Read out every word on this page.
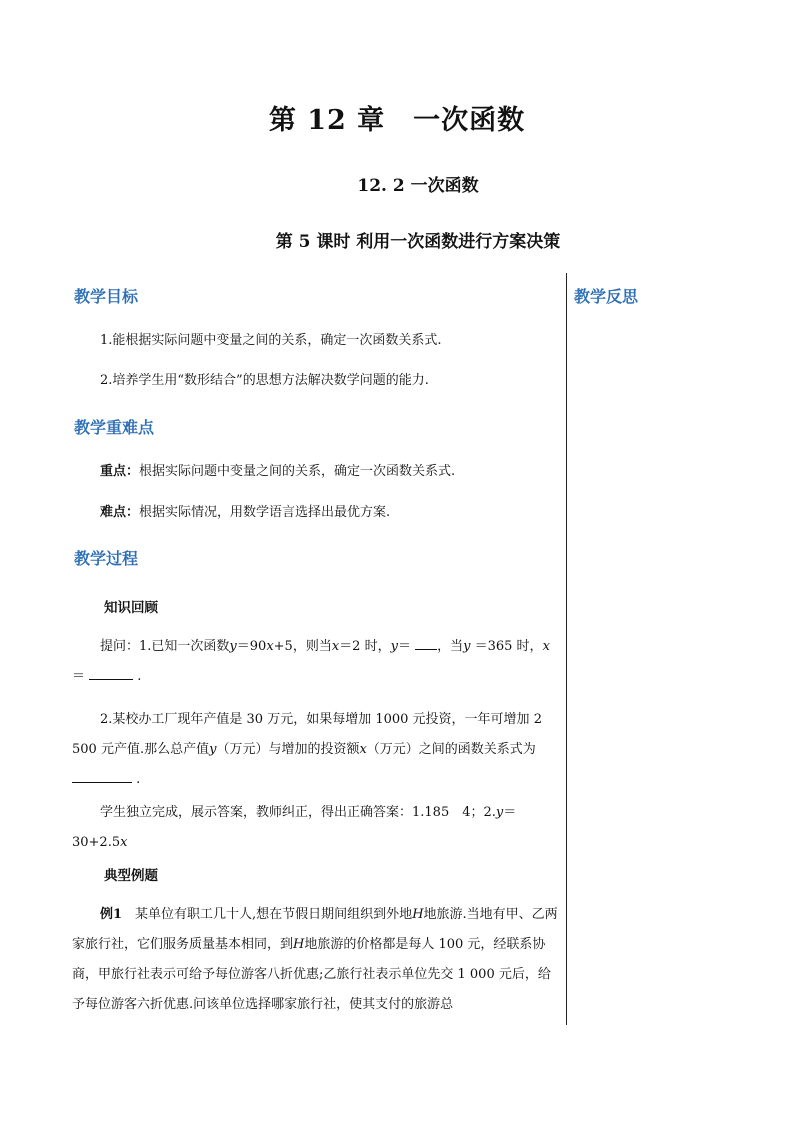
第 12 章　一次函数
12. 2 一次函数
第 5 课时 利用一次函数进行方案决策
教学反思
教学目标
1.能根据实际问题中变量之间的关系，确定一次函数关系式.
2.培养学生用“数形结合”的思想方法解决数学问题的能力.
教学重难点
重点：根据实际问题中变量之间的关系，确定一次函数关系式.
难点：根据实际情况，用数学语言选择出最优方案.
教学过程
知识回顾
提问：1.已知一次函数y＝90x+5，则当x＝2 时，y＝ ，当y ＝365 时，x＝	.
2.某校办工厂现年产值是 30 万元，如果每增加 1000 元投资，一年可增加 2 500 元产值.那么总产值y（万元）与增加的投资额x（万元）之间的函数关系式为 .
学生独立完成，展示答案，教师纠正，得出正确答案：1.185　4；2.y＝30+2.5x
典型例题
例1　某单位有职工几十人,想在节假日期间组织到外地H地旅游.当地有甲、乙两家旅行社，它们服务质量基本相同，到H地旅游的价格都是每人 100 元，经联系协商，甲旅行社表示可给予每位游客八折优惠;乙旅行社表示单位先交 1 000 元后，给予每位游客六折优惠.问该单位选择哪家旅行社，使其支付的旅游总
